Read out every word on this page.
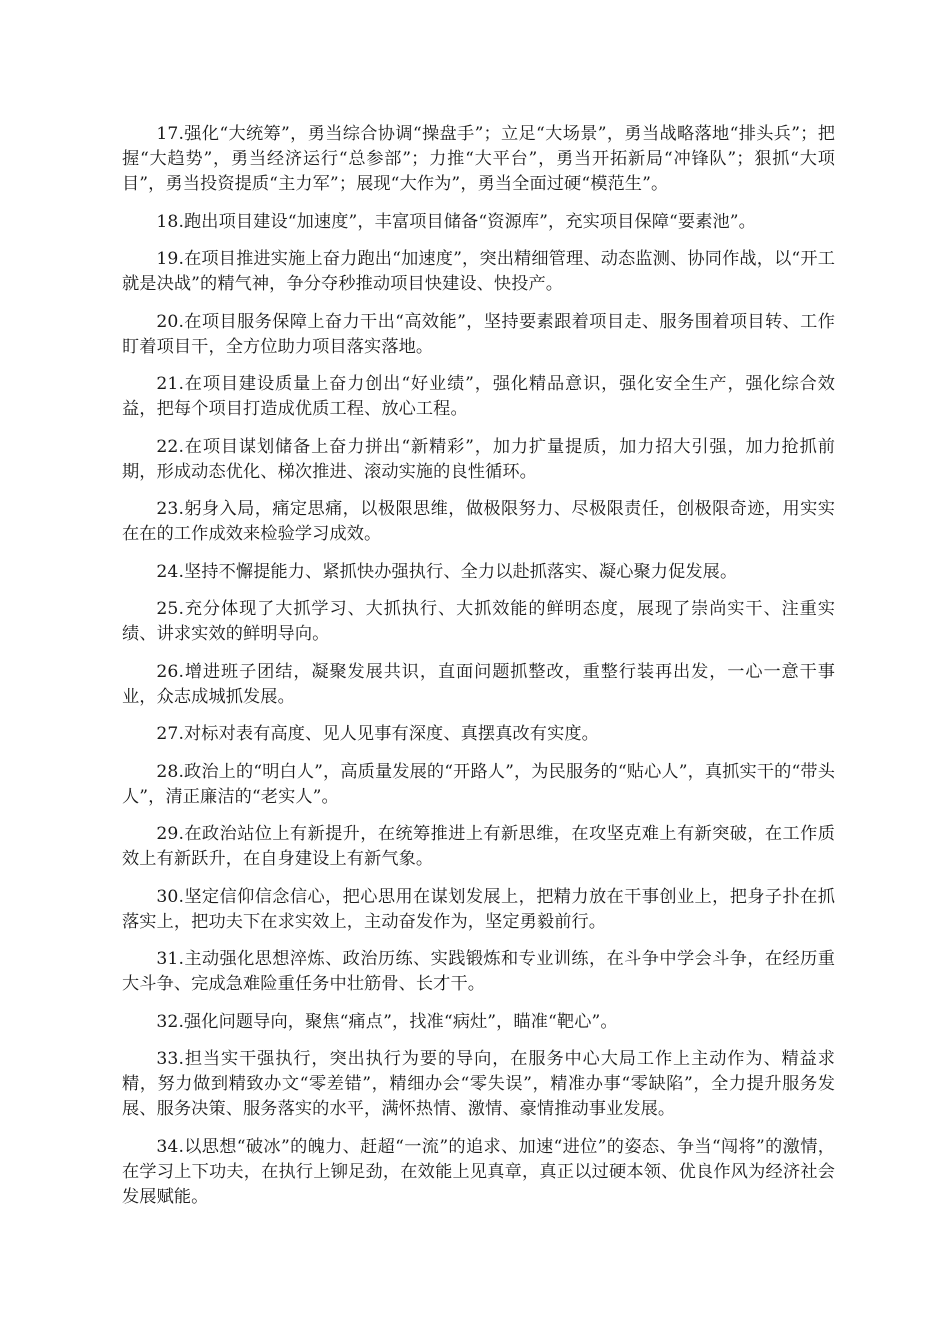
17.强化“大统筹”，勇当综合协调“操盘手”；立足“大场景”，勇当战略落地“排头兵”；把握“大趋势”，勇当经济运行“总参部”；力推“大平台”，勇当开拓新局“冲锋队”；狠抓“大项目”，勇当投资提质“主力军”；展现“大作为”，勇当全面过硬“模范生”。

18.跑出项目建设“加速度”，丰富项目储备“资源库”，充实项目保障“要素池”。

19.在项目推进实施上奋力跑出“加速度”，突出精细管理、动态监测、协同作战，以“开工就是决战”的精气神，争分夺秒推动项目快建设、快投产。

20.在项目服务保障上奋力干出“高效能”，坚持要素跟着项目走、服务围着项目转、工作盯着项目干，全方位助力项目落实落地。

21.在项目建设质量上奋力创出“好业绩”，强化精品意识，强化安全生产，强化综合效益，把每个项目打造成优质工程、放心工程。

22.在项目谋划储备上奋力拼出“新精彩”，加力扩量提质，加力招大引强，加力抢抓前期，形成动态优化、梯次推进、滚动实施的良性循环。

23.躬身入局，痛定思痛，以极限思维，做极限努力、尽极限责任，创极限奇迹，用实实在在的工作成效来检验学习成效。

24.坚持不懈提能力、紧抓快办强执行、全力以赴抓落实、凝心聚力促发展。

25.充分体现了大抓学习、大抓执行、大抓效能的鲜明态度，展现了崇尚实干、注重实绩、讲求实效的鲜明导向。

26.增进班子团结，凝聚发展共识，直面问题抓整改，重整行装再出发，一心一意干事业，众志成城抓发展。

27.对标对表有高度、见人见事有深度、真摆真改有实度。

28.政治上的“明白人”，高质量发展的“开路人”，为民服务的“贴心人”，真抓实干的“带头人”，清正廉洁的“老实人”。

29.在政治站位上有新提升，在统筹推进上有新思维，在攻坚克难上有新突破，在工作质效上有新跃升，在自身建设上有新气象。

30.坚定信仰信念信心，把心思用在谋划发展上，把精力放在干事创业上，把身子扑在抓落实上，把功夫下在求实效上，主动奋发作为，坚定勇毅前行。

31.主动强化思想淬炼、政治历练、实践锻炼和专业训练，在斗争中学会斗争，在经历重大斗争、完成急难险重任务中壮筋骨、长才干。

32.强化问题导向，聚焦“痛点”，找准“病灶”，瞄准“靶心”。

33.担当实干强执行，突出执行为要的导向，在服务中心大局工作上主动作为、精益求精，努力做到精致办文“零差错”，精细办会“零失误”，精准办事“零缺陷”，全力提升服务发展、服务决策、服务落实的水平，满怀热情、激情、豪情推动事业发展。

34.以思想“破冰”的魄力、赶超“一流”的追求、加速“进位”的姿态、争当“闯将”的激情，在学习上下功夫，在执行上铆足劲，在效能上见真章，真正以过硬本领、优良作风为经济社会发展赋能。
